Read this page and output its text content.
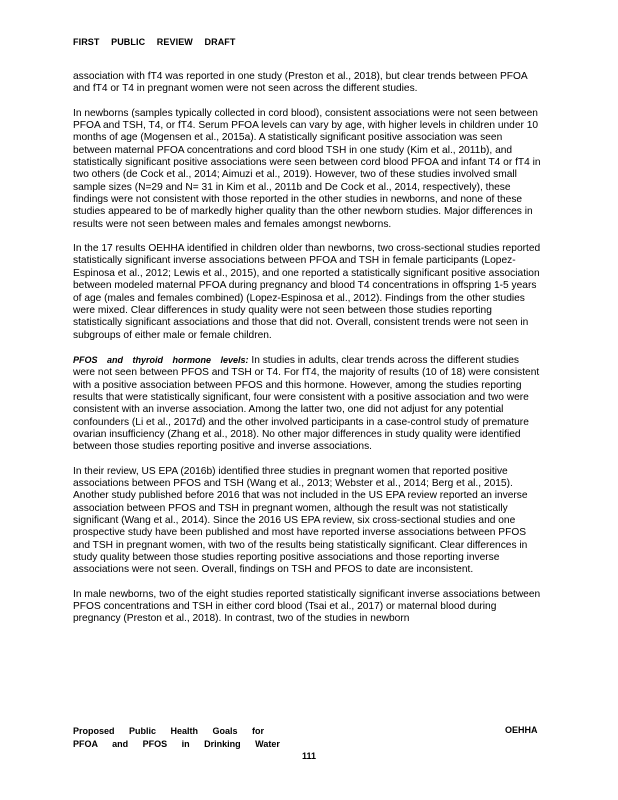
FIRST PUBLIC REVIEW DRAFT

association with fT4 was reported in one study (Preston et al., 2018), but clear trends between PFOA and fT4 or T4 in pregnant women were not seen across the different studies.

In newborns (samples typically collected in cord blood), consistent associations were not seen between PFOA and TSH, T4, or fT4. Serum PFOA levels can vary by age, with higher levels in children under 10 months of age (Mogensen et al., 2015a). A statistically significant positive association was seen between maternal PFOA concentrations and cord blood TSH in one study (Kim et al., 2011b), and statistically significant positive associations were seen between cord blood PFOA and infant T4 or fT4 in two others (de Cock et al., 2014; Aimuzi et al., 2019). However, two of these studies involved small sample sizes (N=29 and N= 31 in Kim et al., 2011b and De Cock et al., 2014, respectively), these findings were not consistent with those reported in the other studies in newborns, and none of these studies appeared to be of markedly higher quality than the other newborn studies. Major differences in results were not seen between males and females amongst newborns.

In the 17 results OEHHA identified in children older than newborns, two cross-sectional studies reported statistically significant inverse associations between PFOA and TSH in female participants (Lopez-Espinosa et al., 2012; Lewis et al., 2015), and one reported a statistically significant positive association between modeled maternal PFOA during pregnancy and blood T4 concentrations in offspring 1-5 years of age (males and females combined) (Lopez-Espinosa et al., 2012). Findings from the other studies were mixed. Clear differences in study quality were not seen between those studies reporting statistically significant associations and those that did not. Overall, consistent trends were not seen in subgroups of either male or female children.

PFOS and thyroid hormone levels: In studies in adults, clear trends across the different studies were not seen between PFOS and TSH or T4. For fT4, the majority of results (10 of 18) were consistent with a positive association between PFOS and this hormone. However, among the studies reporting results that were statistically significant, four were consistent with a positive association and two were consistent with an inverse association. Among the latter two, one did not adjust for any potential confounders (Li et al., 2017d) and the other involved participants in a case-control study of premature ovarian insufficiency (Zhang et al., 2018). No other major differences in study quality were identified between those studies reporting positive and inverse associations.

In their review, US EPA (2016b) identified three studies in pregnant women that reported positive associations between PFOS and TSH (Wang et al., 2013; Webster et al., 2014; Berg et al., 2015). Another study published before 2016 that was not included in the US EPA review reported an inverse association between PFOS and TSH in pregnant women, although the result was not statistically significant (Wang et al., 2014). Since the 2016 US EPA review, six cross-sectional studies and one prospective study have been published and most have reported inverse associations between PFOS and TSH in pregnant women, with two of the results being statistically significant. Clear differences in study quality between those studies reporting positive associations and those reporting inverse associations were not seen. Overall, findings on TSH and PFOS to date are inconsistent.

In male newborns, two of the eight studies reported statistically significant inverse associations between PFOS concentrations and TSH in either cord blood (Tsai et al., 2017) or maternal blood during pregnancy (Preston et al., 2018). In contrast, two of the studies in newborn

Proposed Public Health Goals for
PFOA and PFOS in Drinking Water
OEHHA
111
